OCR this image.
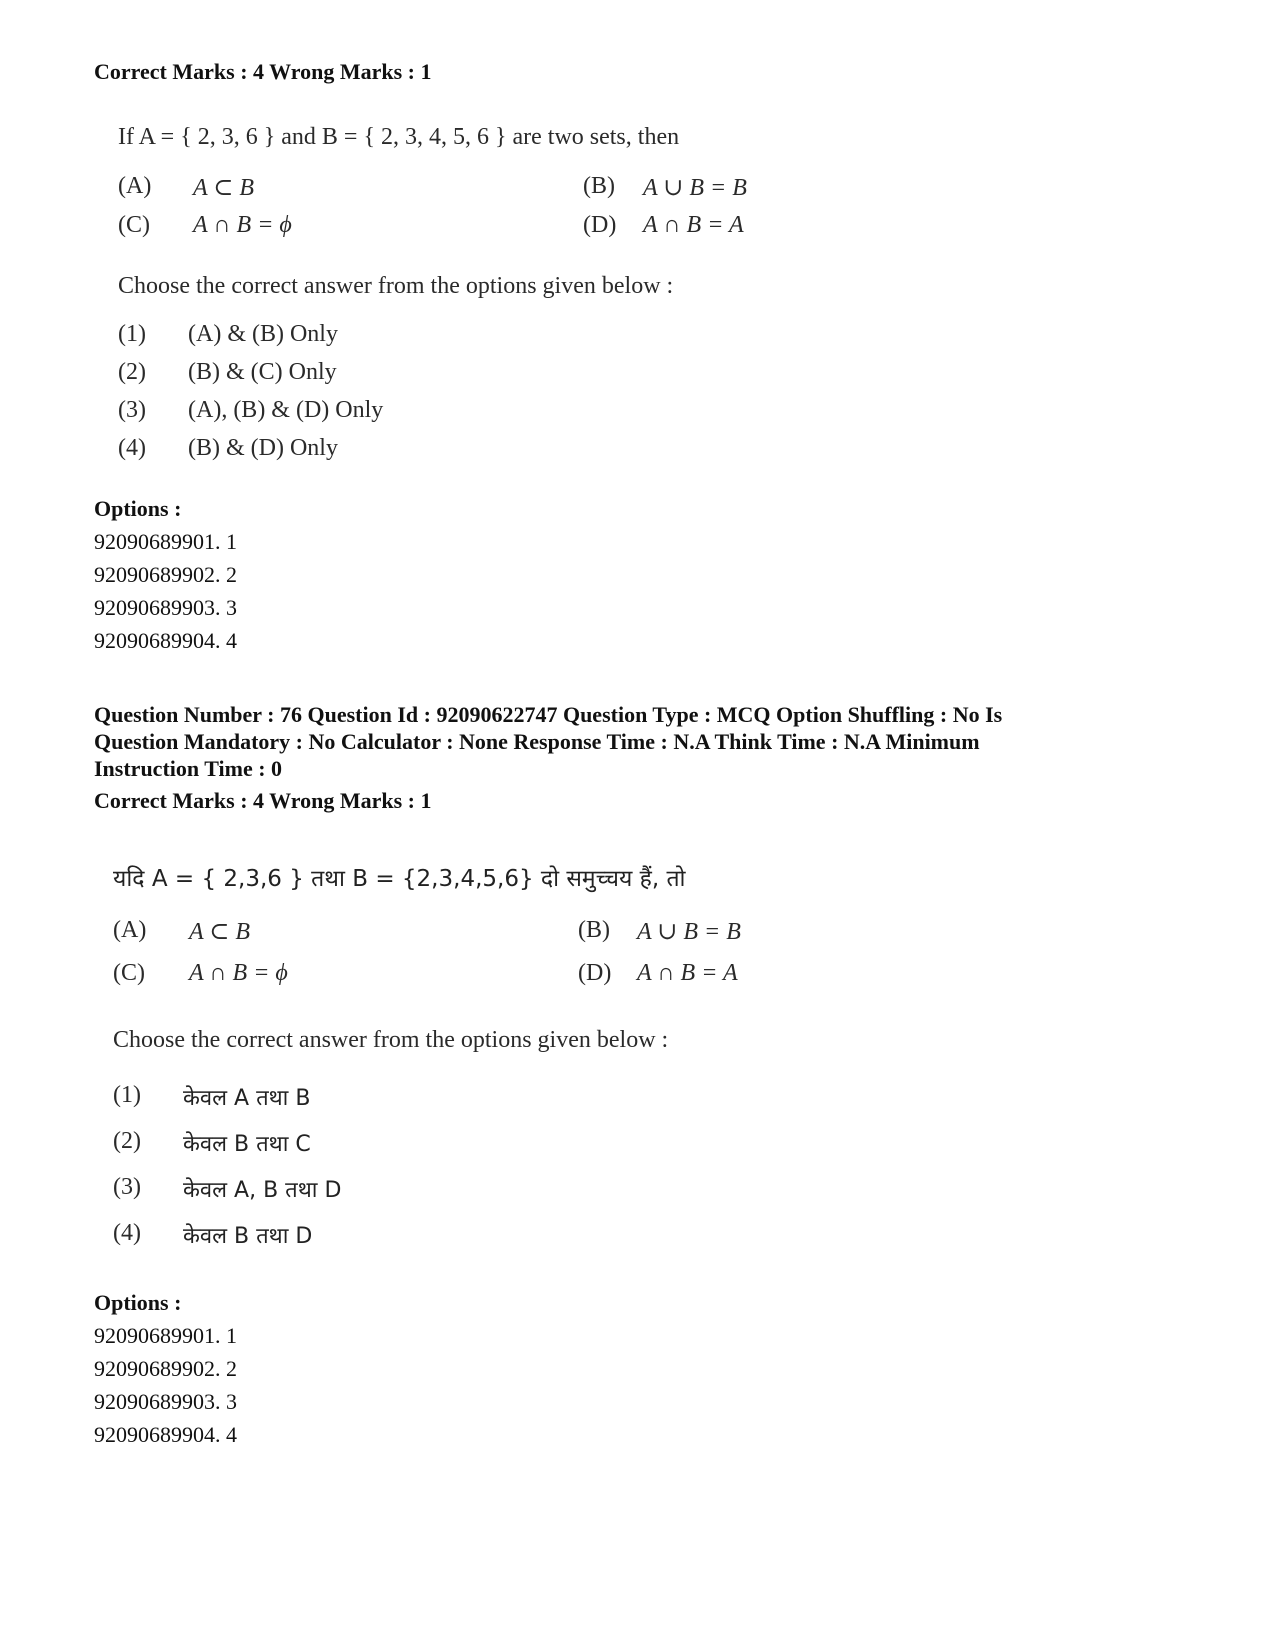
Correct Marks : 4 Wrong Marks : 1
If A = { 2, 3, 6 } and B = { 2, 3, 4, 5, 6 } are two sets, then
(A) A ⊂ B	(B) A ∪ B = B
(C) A ∩ B = ϕ	(D) A ∩ B = A
Choose the correct answer from the options given below :
(1) (A) & (B) Only
(2) (B) & (C) Only
(3) (A), (B) & (D) Only
(4) (B) & (D) Only
Options :
92090689901. 1
92090689902. 2
92090689903. 3
92090689904. 4
Question Number : 76 Question Id : 92090622747 Question Type : MCQ Option Shuffling : No Is
Question Mandatory : No Calculator : None Response Time : N.A Think Time : N.A Minimum
Instruction Time : 0
Correct Marks : 4 Wrong Marks : 1
यदि A = { 2,3,6 } तथा B = {2,3,4,5,6} दो समुच्चय हैं, तो
(A) A ⊂ B	(B) A ∪ B = B
(C) A ∩ B = ϕ	(D) A ∩ B = A
Choose the correct answer from the options given below :
(1) केवल A तथा B
(2) केवल B तथा C
(3) केवल A, B तथा D
(4) केवल B तथा D
Options :
92090689901. 1
92090689902. 2
92090689903. 3
92090689904. 4
